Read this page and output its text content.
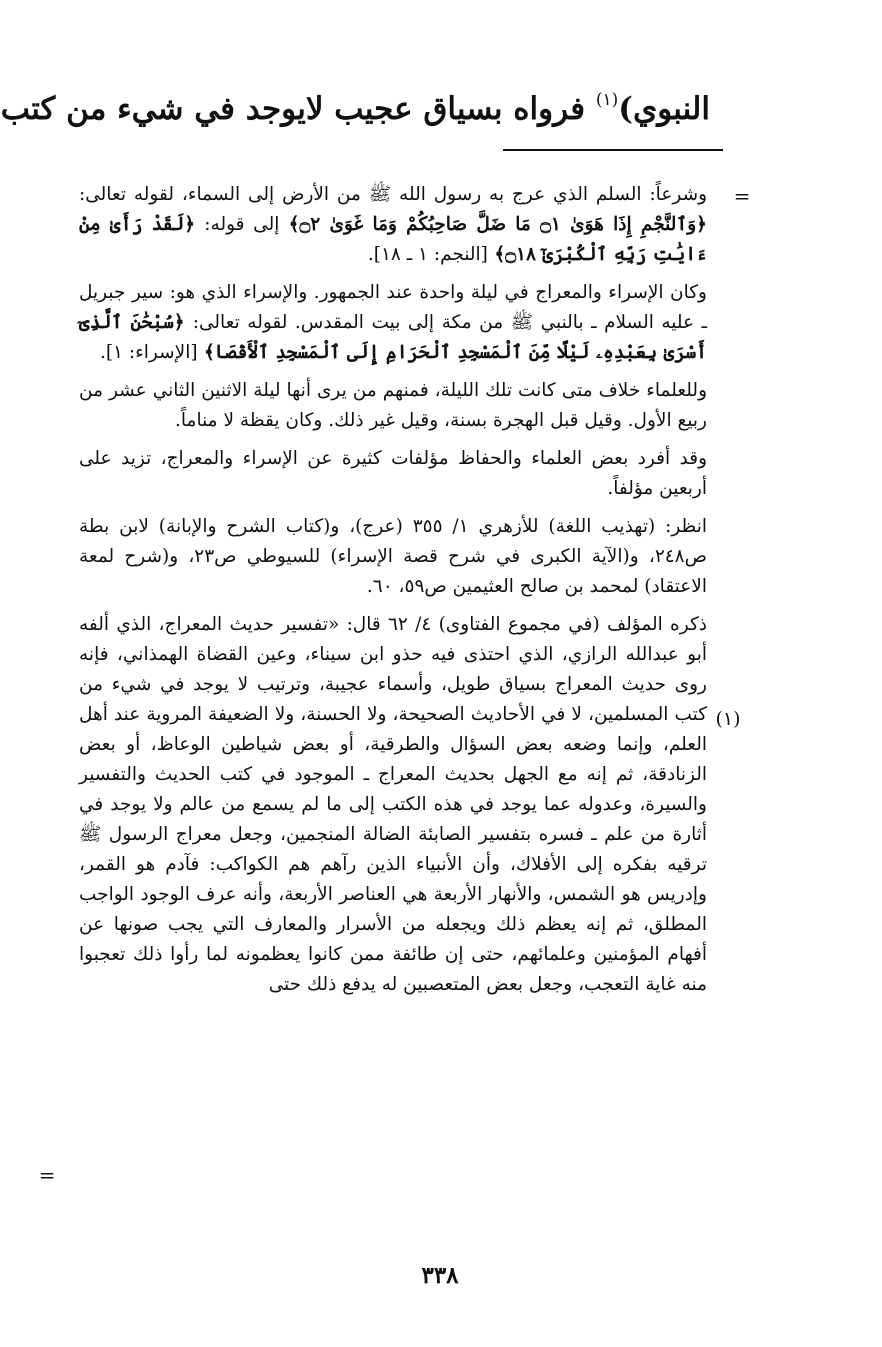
النبوي)$^{(١)}$ فرواه بسياق عجيب لايوجد في شيء من كتب
=

وشرعاً: السلم الذي عرج به رسول الله ﷺ من الأرض إلى السماء، لقوله تعالى: ﴿وَٱلنَّجْمِ إِذَا هَوَىٰ ۝١ مَا ضَلَّ صَاحِبُكُمْ وَمَا غَوَىٰ ۝٢﴾ إلى قوله: ﴿لَقَدْ رَأَىٰ مِنْ ءَايَٰتِ رَبِّهِ ٱلْكُبْرَىٰٓ ۝١٨﴾ [النجم: ١ ـ ١٨].

وكان الإسراء والمعراج في ليلة واحدة عند الجمهور. والإسراء الذي هو: سير جبريل ـ عليه السلام ـ بالنبي ﷺ من مكة إلى بيت المقدس. لقوله تعالى: ﴿سُبْحَٰنَ ٱلَّذِىٓ أَسْرَىٰ بِعَبْدِهِۦ لَيْلًا مِّنَ ٱلْمَسْجِدِ ٱلْحَرَامِ إِلَى ٱلْمَسْجِدِ ٱلْأَقْصَا﴾ [الإسراء: ١].

وللعلماء خلاف متى كانت تلك الليلة، فمنهم من يرى أنها ليلة الاثنين الثاني عشر من ربيع الأول. وقيل قبل الهجرة بسنة، وقيل غير ذلك. وكان يقظة لا مناماً.

وقد أفرد بعض العلماء والحفاظ مؤلفات كثيرة عن الإسراء والمعراج، تزيد على أربعين مؤلفاً.

انظر: (تهذيب اللغة) للأزهري ١/ ٣٥٥ (عرج)، و(كتاب الشرح والإبانة) لابن بطة ص٢٤٨، و(الآية الكبرى في شرح قصة الإسراء) للسيوطي ص٢٣، و(شرح لمعة الاعتقاد) لمحمد بن صالح العثيمين ص٥٩، ٦٠.

ذكره المؤلف (في مجموع الفتاوى) ٤/ ٦٢ قال: «تفسير حديث المعراج، الذي ألفه أبو عبدالله الرازي، الذي احتذى فيه حذو ابن سيناء، وعين القضاة الهمذاني، فإنه روى حديث المعراج بسياق طويل، وأسماء عجيبة، وترتيب لا يوجد في شيء من كتب المسلمين، لا في الأحاديث الصحيحة، ولا الحسنة، ولا الضعيفة المروية عند أهل العلم، وإنما وضعه بعض السؤال والطرقية، أو بعض شياطين الوعاظ، أو بعض الزنادقة، ثم إنه مع الجهل بحديث المعراج ـ الموجود في كتب الحديث والتفسير والسيرة، وعدوله عما يوجد في هذه الكتب إلى ما لم يسمع من عالم ولا يوجد في أثارة من علم ـ فسره بتفسير الصابئة الضالة المنجمين، وجعل معراج الرسول ﷺ ترقيه بفكره إلى الأفلاك، وأن الأنبياء الذين رآهم هم الكواكب: فآدم هو القمر، وإدريس هو الشمس، والأنهار الأربعة هي العناصر الأربعة، وأنه عرف الوجود الواجب المطلق، ثم إنه يعظم ذلك ويجعله من الأسرار والمعارف التي يجب صونها عن أفهام المؤمنين وعلمائهم، حتى إن طائفة ممن كانوا يعظمونه لما رأوا ذلك تعجبوا منه غاية التعجب، وجعل بعض المتعصبين له يدفع ذلك حتى

(١)
=
٣٣٨
